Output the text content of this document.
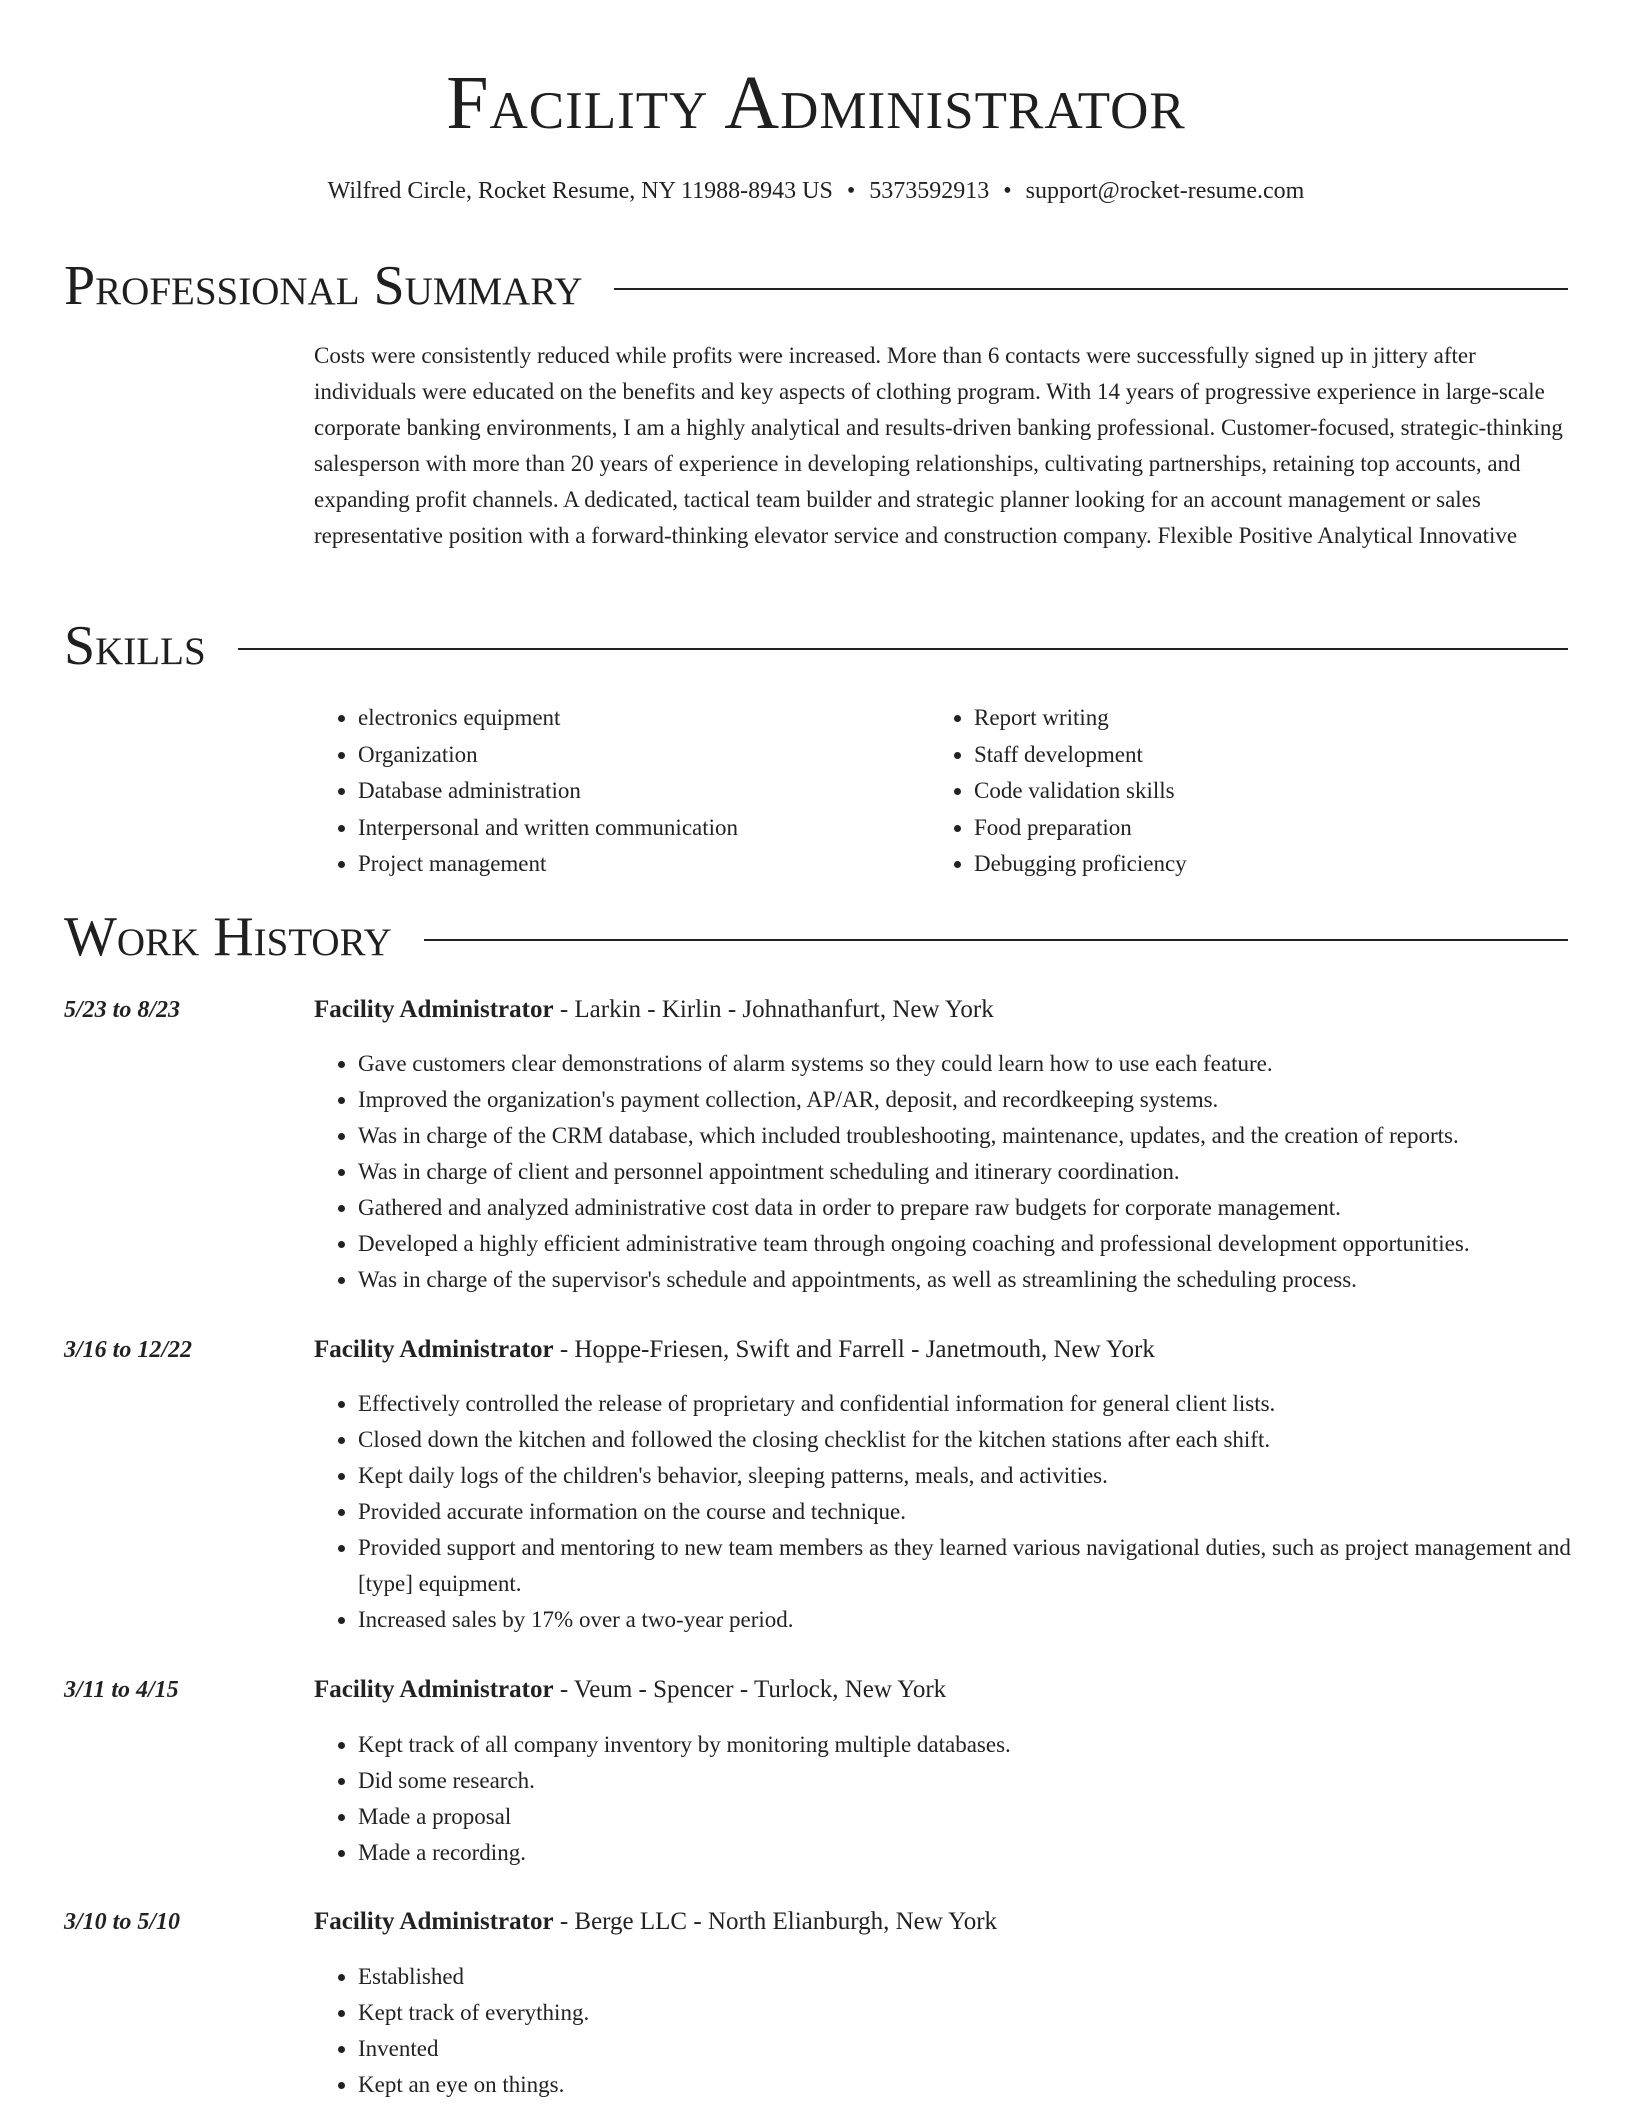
Facility Administrator
Wilfred Circle, Rocket Resume, NY 11988-8943 US • 5373592913 • support@rocket-resume.com
Professional Summary

Costs were consistently reduced while profits were increased. More than 6 contacts were successfully signed up in jittery after individuals were educated on the benefits and key aspects of clothing program. With 14 years of progressive experience in large-scale corporate banking environments, I am a highly analytical and results-driven banking professional. Customer-focused, strategic-thinking salesperson with more than 20 years of experience in developing relationships, cultivating partnerships, retaining top accounts, and expanding profit channels. A dedicated, tactical team builder and strategic planner looking for an account management or sales representative position with a forward-thinking elevator service and construction company. Flexible Positive Analytical Innovative

Skills
• electronics equipment
• Organization
• Database administration
• Interpersonal and written communication
• Project management
• Report writing
• Staff development
• Code validation skills
• Food preparation
• Debugging proficiency
Work History
5/23 to 8/23	Facility Administrator - Larkin - Kirlin - Johnathanfurt, New York
• Gave customers clear demonstrations of alarm systems so they could learn how to use each feature.
• Improved the organization's payment collection, AP/AR, deposit, and recordkeeping systems.
• Was in charge of the CRM database, which included troubleshooting, maintenance, updates, and the creation of reports.
• Was in charge of client and personnel appointment scheduling and itinerary coordination.
• Gathered and analyzed administrative cost data in order to prepare raw budgets for corporate management.
• Developed a highly efficient administrative team through ongoing coaching and professional development opportunities.
• Was in charge of the supervisor's schedule and appointments, as well as streamlining the scheduling process.
3/16 to 12/22	Facility Administrator - Hoppe-Friesen, Swift and Farrell - Janetmouth, New York
• Effectively controlled the release of proprietary and confidential information for general client lists.
• Closed down the kitchen and followed the closing checklist for the kitchen stations after each shift.
• Kept daily logs of the children's behavior, sleeping patterns, meals, and activities.
• Provided accurate information on the course and technique.
• Provided support and mentoring to new team members as they learned various navigational duties, such as project management and [type] equipment.
• Increased sales by 17% over a two-year period.
3/11 to 4/15	Facility Administrator - Veum - Spencer - Turlock, New York
• Kept track of all company inventory by monitoring multiple databases.
• Did some research.
• Made a proposal
• Made a recording.
3/10 to 5/10	Facility Administrator - Berge LLC - North Elianburgh, New York
• Established
• Kept track of everything.
• Invented
• Kept an eye on things.
